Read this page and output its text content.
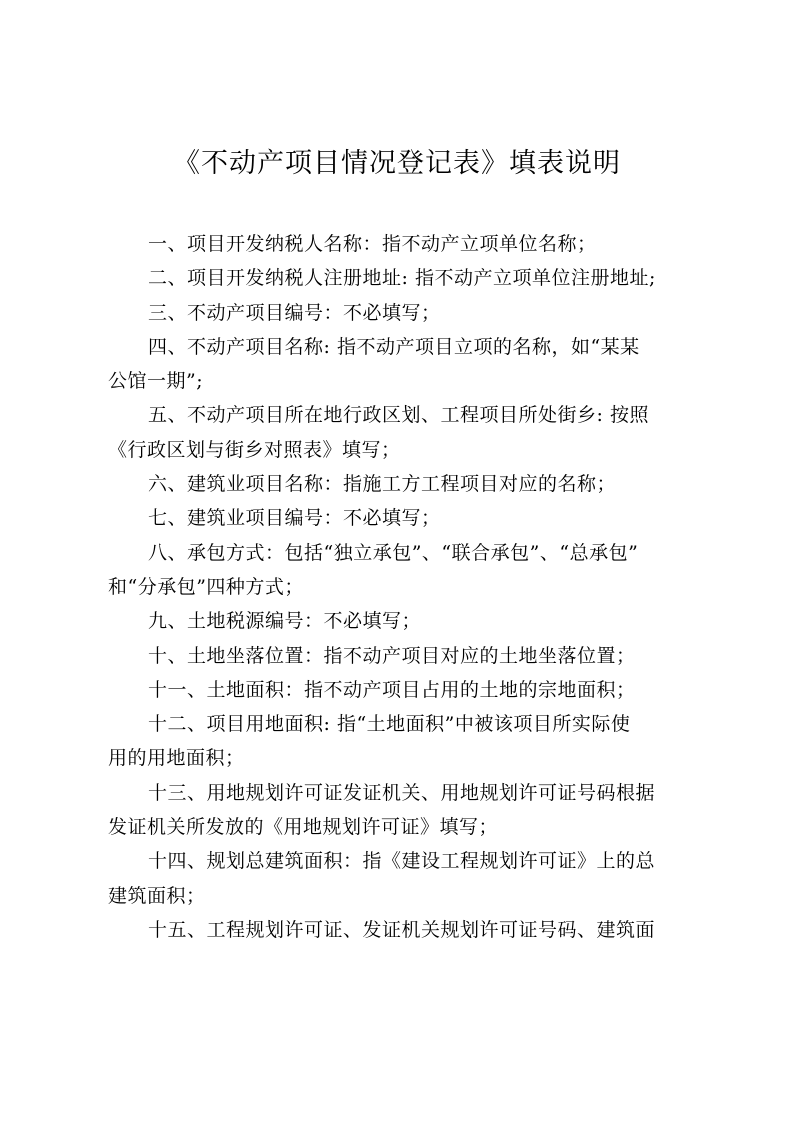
《不动产项目情况登记表》填表说明
一、项目开发纳税人名称：指不动产立项单位名称；
二、项目开发纳税人注册地址: 指不动产立项单位注册地址;
三、不动产项目编号：不必填写；
四、不动产项目名称: 指不动产项目立项的名称，如“某某
公馆一期”;
五、不动产项目所在地行政区划、工程项目所处街乡: 按照
《行政区划与街乡对照表》填写；
六、建筑业项目名称：指施工方工程项目对应的名称；
七、建筑业项目编号：不必填写；
八、承包方式：包括“独立承包”、“联合承包”、“总承包”
和“分承包”四种方式；
九、土地税源编号：不必填写；
十、土地坐落位置：指不动产项目对应的土地坐落位置；
十一、土地面积：指不动产项目占用的土地的宗地面积；
十二、项目用地面积: 指“土地面积”中被该项目所实际使
用的用地面积；
十三、用地规划许可证发证机关、用地规划许可证号码根据
发证机关所发放的《用地规划许可证》填写；
十四、规划总建筑面积：指《建设工程规划许可证》上的总
建筑面积；
十五、工程规划许可证、发证机关规划许可证号码、建筑面
